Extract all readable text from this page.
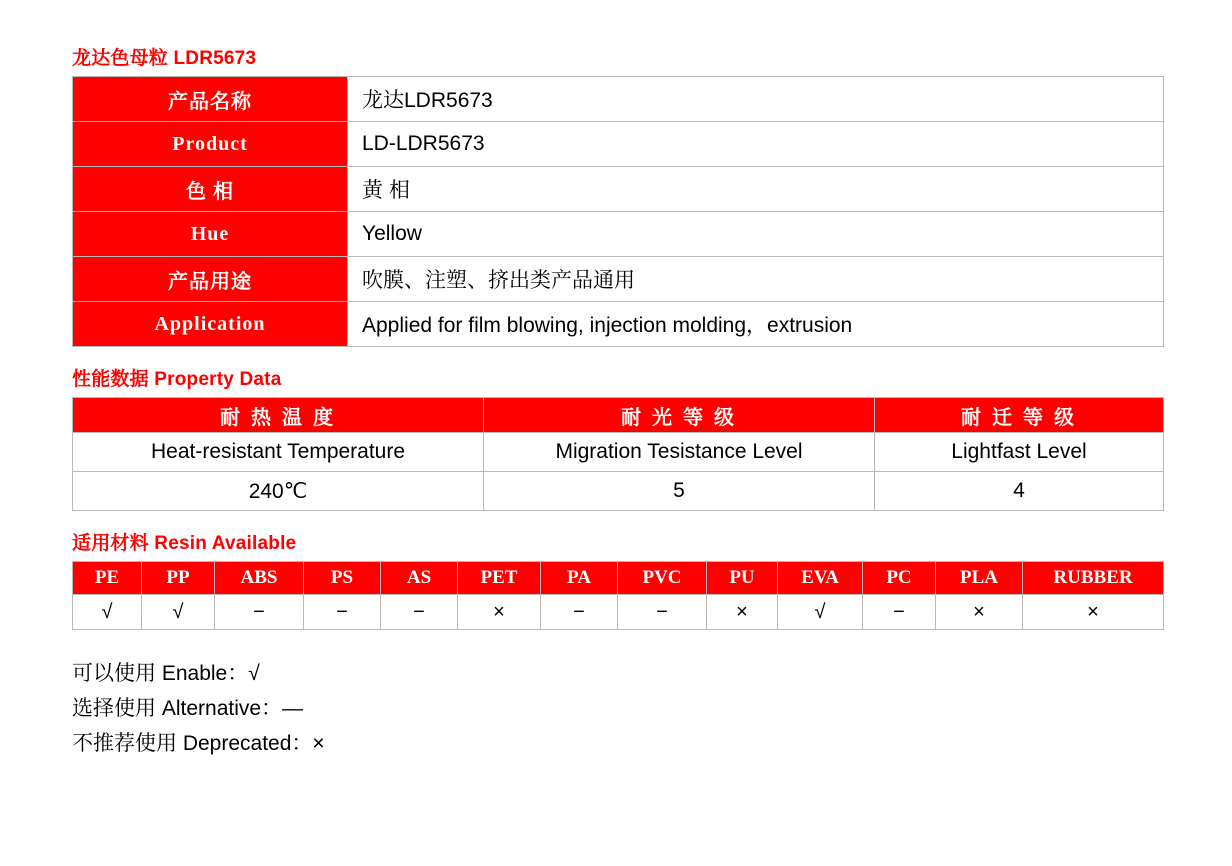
龙达色母粒 LDR5673
产品名称	龙达LDR5673
Product	LD-LDR5673
色 相	黄 相
Hue	Yellow
产品用途	吹膜、注塑、挤出类产品通用
Application	Applied for film blowing, injection molding，extrusion
性能数据 Property Data
耐 热 温 度	耐 光 等 级	耐 迁 等 级
Heat-resistant Temperature	Migration Tesistance Level	Lightfast Level
240℃	5	4
适用材料 Resin Available
PE	PP	ABS	PS	AS	PET	PA	PVC	PU	EVA	PC	PLA	RUBBER
√	√	−	−	−	×	−	−	×	√	−	×	×
可以使用 Enable：√
选择使用 Alternative：—
不推荐使用 Deprecated：×
